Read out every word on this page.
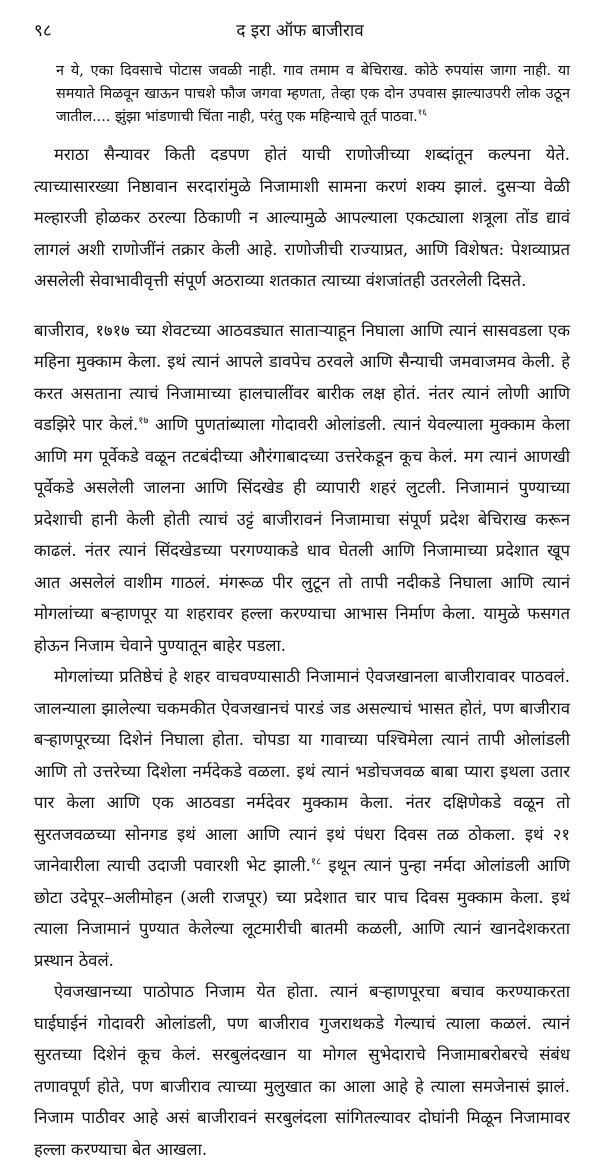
९८	द इरा ऑफ बाजीराव

न ये, एका दिवसाचे पोटास जवळी नाही. गाव तमाम व बेचिराख. कोठे रुपयांस जागा नाही. या समयाते मिळवून खाऊन पाचशे फौज जगवा म्हणता, तेव्हा एक दोन उपवास झाल्याउपरी लोक उठून जातील.... झुंझा भांडणाची चिंता नाही, परंतु एक महिन्याचे तूर्त पाठवा.$^{१६}$

मराठा सैन्यावर किती दडपण होतं याची राणोजीच्या शब्दांतून कल्पना येते. त्याच्यासारख्या निष्ठावान सरदारांमुळे निजामाशी सामना करणं शक्य झालं. दुसऱ्या वेळी मल्हारजी होळकर ठरल्या ठिकाणी न आल्यामुळे आपल्याला एकट्याला शत्रूला तोंड द्यावं लागलं अशी राणोजींनं तक्रार केली आहे. राणोजीची राज्याप्रत, आणि विशेषत: पेशव्याप्रत असलेली सेवाभावीवृत्ती संपूर्ण अठराव्या शतकात त्याच्या वंशजांतही उतरलेली दिसते.

बाजीराव, १७१७ च्या शेवटच्या आठवड्यात सातार्‍याहून निघाला आणि त्यानं सासवडला एक महिना मुक्काम केला. इथं त्यानं आपले डावपेच ठरवले आणि सैन्याची जमवाजमव केली. हे करत असताना त्याचं निजामाच्या हालचालींवर बारीक लक्ष होतं. नंतर त्यानं लोणी आणि वडझिरे पार केलं.$^{१७}$ आणि पुणतांब्याला गोदावरी ओलांडली. त्यानं येवल्याला मुक्काम केला आणि मग पूर्वेकडे वळून तटबंदीच्या औरंगाबादच्या उत्तरेकडून कूच केलं. मग त्यानं आणखी पूर्वेकडे असलेली जालना आणि सिंदखेड ही व्यापारी शहरं लुटली. निजामानं पुण्याच्या प्रदेशाची हानी केली होती त्याचं उट्टं बाजीरावनं निजामाचा संपूर्ण प्रदेश बेचिराख करून काढलं. नंतर त्यानं सिंदखेडच्या परगण्याकडे धाव घेतली आणि निजामाच्या प्रदेशात खूप आत असलेलं वाशीम गाठलं. मंगरूळ पीर लुटून तो तापी नदीकडे निघाला आणि त्यानं मोगलांच्या बऱ्हाणपूर या शहरावर हल्ला करण्याचा आभास निर्माण केला. यामुळे फसगत होऊन निजाम चेवाने पुण्यातून बाहेर पडला.

मोगलांच्या प्रतिष्ठेचं हे शहर वाचवण्यासाठी निजामानं ऐवजखानला बाजीरावावर पाठवलं. जालन्याला झालेल्या चकमकीत ऐवजखानचं पारडं जड असल्याचं भासत होतं, पण बाजीराव बऱ्हाणपूरच्या दिशेनं निघाला होता. चोपडा या गावाच्या पश्चिमेला त्यानं तापी ओलांडली आणि तो उत्तरेच्या दिशेला नर्मदेकडे वळला. इथं त्यानं भडोचजवळ बाबा प्यारा इथला उतार पार केला आणि एक आठवडा नर्मदेवर मुक्काम केला. नंतर दक्षिणेकडे वळून तो सुरतजवळच्या सोनगड इथं आला आणि त्यानं इथं पंधरा दिवस तळ ठोकला. इथं २१ जानेवारीला त्याची उदाजी पवारशी भेट झाली.$^{१८}$ इथून त्यानं पुन्हा नर्मदा ओलांडली आणि छोटा उदेपूर–अलीमोहन (अली राजपूर) च्या प्रदेशात चार पाच दिवस मुक्काम केला. इथं त्याला निजामानं पुण्यात केलेल्या लूटमारीची बातमी कळली, आणि त्यानं खानदेशकरता प्रस्थान ठेवलं.

ऐवजखानच्या पाठोपाठ निजाम येत होता. त्यानं बऱ्हाणपूरचा बचाव करण्याकरता घाईघाईनं गोदावरी ओलांडली, पण बाजीराव गुजराथकडे गेल्याचं त्याला कळलं. त्यानं सुरतच्या दिशेनं कूच केलं. सरबुलंदखान या मोगल सुभेदाराचे निजामाबरोबरचे संबंध तणावपूर्ण होते, पण बाजीराव त्याच्या मुलुखात का आला आहे हे त्याला समजेनासं झालं. निजाम पाठीवर आहे असं बाजीरावनं सरबुलंदला सांगितल्यावर दोघांनी मिळून निजामावर हल्ला करण्याचा बेत आखला.
